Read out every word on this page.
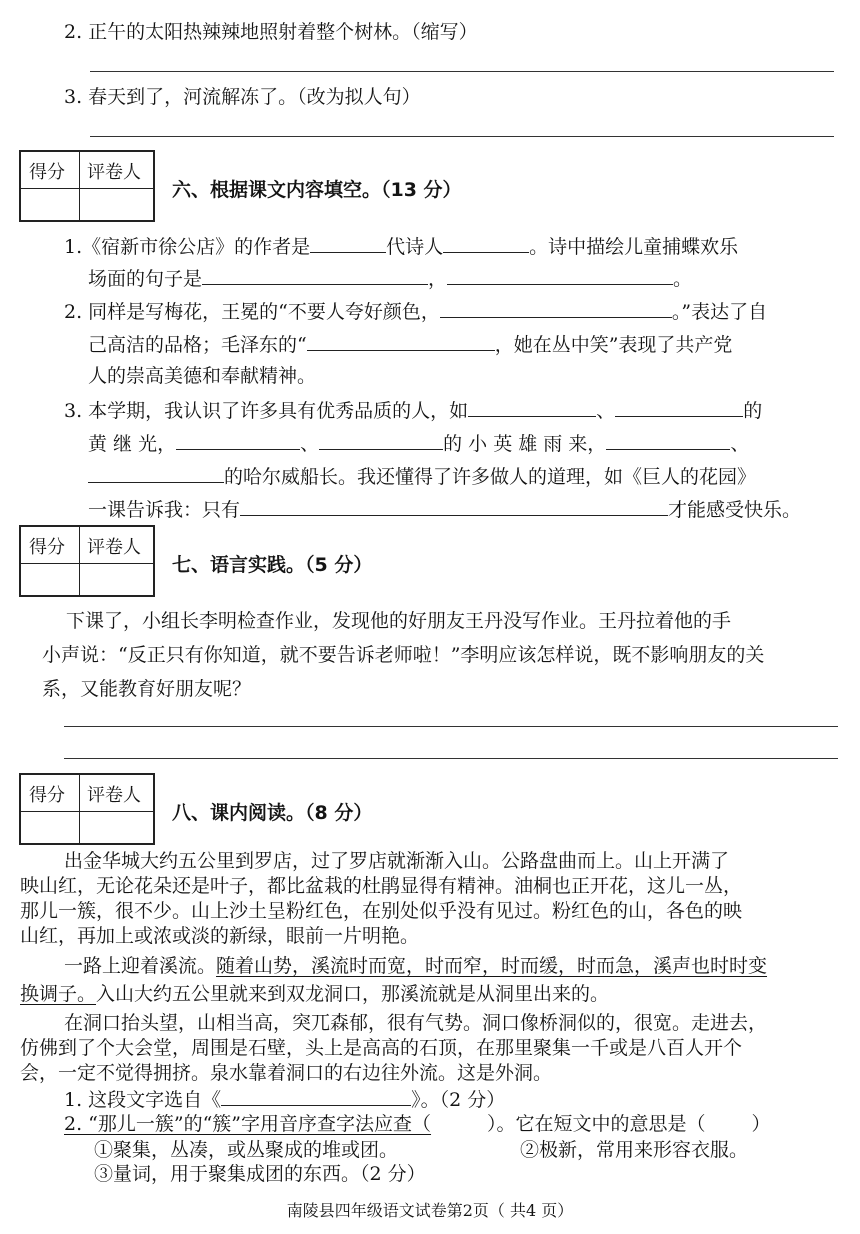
2. 正午的太阳热辣辣地照射着整个树林。（缩写）
3. 春天到了，河流解冻了。（改为拟人句）
得分 评卷人
六、根据课文内容填空。（13 分）
1.《宿新市徐公店》的作者是	代诗人	。诗中描绘儿童捕蝶欢乐
场面的句子是	，	。
2. 同样是写梅花，王冕的“不要人夸好颜色，	。”表达了自
己高洁的品格；毛泽东的“	，她在丛中笑”表现了共产党
人的崇高美德和奉献精神。
3. 本学期，我认识了许多具有优秀品质的人，如	、	的
黄 继 光，	、	的 小 英 雄 雨 来，	、
的哈尔威船长。我还懂得了许多做人的道理，如《巨人的花园》
一课告诉我：只有	才能感受快乐。
得分 评卷人
七、语言实践。（5 分）
下课了，小组长李明检查作业，发现他的好朋友王丹没写作业。王丹拉着他的手
小声说：“反正只有你知道，就不要告诉老师啦！”李明应该怎样说，既不影响朋友的关
系，又能教育好朋友呢？
得分 评卷人
八、课内阅读。（8 分）
出金华城大约五公里到罗店，过了罗店就渐渐入山。公路盘曲而上。山上开满了
映山红，无论花朵还是叶子，都比盆栽的杜鹃显得有精神。油桐也正开花，这儿一丛，
那儿一簇，很不少。山上沙土呈粉红色，在别处似乎没有见过。粉红色的山，各色的映
山红，再加上或浓或淡的新绿，眼前一片明艳。
一路上迎着溪流。随着山势，溪流时而宽，时而窄，时而缓，时而急，溪声也时时变
换调子。入山大约五公里就来到双龙洞口，那溪流就是从洞里出来的。
在洞口抬头望，山相当高，突兀森郁，很有气势。洞口像桥洞似的，很宽。走进去，
仿佛到了个大会堂，周围是石壁，头上是高高的石顶，在那里聚集一千或是八百人开个
会，一定不觉得拥挤。泉水靠着洞口的右边往外流。这是外洞。
1. 这段文字选自《	》。（2 分）
2. “那儿一簇”的“簇”字用音序查字法应查（	）。它在短文中的意思是（ ）
①聚集，丛凑，或丛聚成的堆或团。	②极新，常用来形容衣服。
③量词，用于聚集成团的东西。（2 分）
南陵县四年级语文试卷第2页（ 共4 页）
